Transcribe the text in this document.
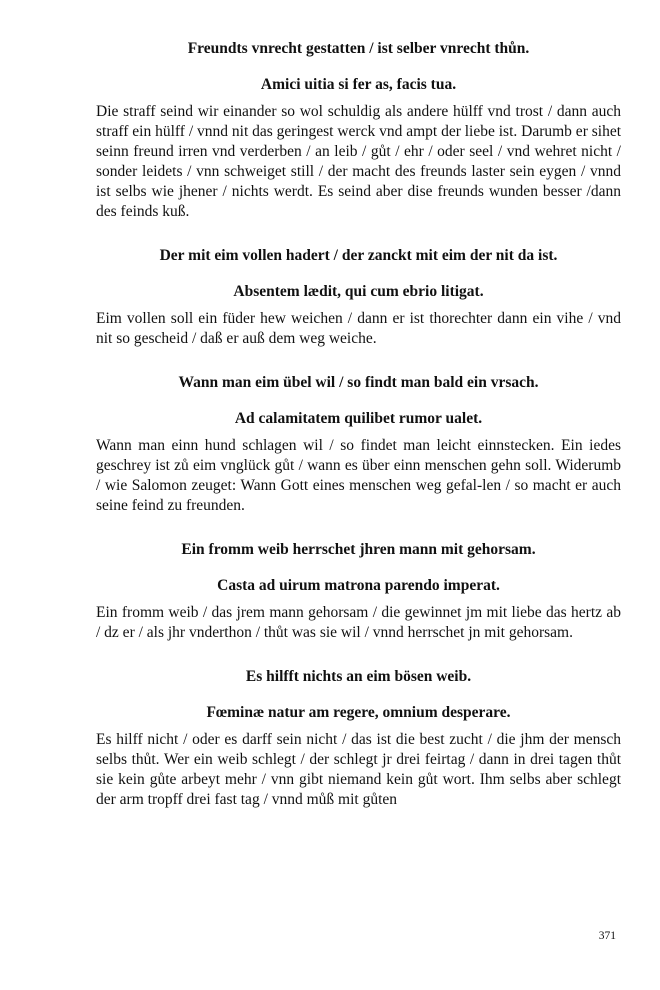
Freundts vnrecht gestatten / ist selber vnrecht thůn.

Amici uitia si fer as, facis tua.

Die straff seind wir einander so wol schuldig als andere hülff vnd trost / dann auch straff ein hülff / vnnd nit das geringest werck vnd ampt der liebe ist. Darumb er sihet seinn freund irren vnd verderben / an leib / gůt / ehr / oder seel / vnd wehret nicht / sonder leidets / vnn schweiget still / der macht des freunds laster sein eygen / vnnd ist selbs wie jhener / nichts werdt. Es seind aber dise freunds wunden besser /dann des feinds kuß.

Der mit eim vollen hadert / der zanckt mit eim der nit da ist.

Absentem lædit, qui cum ebrio litigat.

Eim vollen soll ein füder hew weichen / dann er ist thorechter dann ein vihe / vnd nit so gescheid / daß er auß dem weg weiche.

Wann man eim übel wil / so findt man bald ein vrsach.

Ad calamitatem quilibet rumor ualet.

Wann man einn hund schlagen wil / so findet man leicht einnstecken. Ein iedes geschrey ist zů eim vnglück gůt / wann es über einn menschen gehn soll. Widerumb / wie Salomon zeuget: Wann Gott eines menschen weg gefal-len / so macht er auch seine feind zu freunden.

Ein fromm weib herrschet jhren mann mit gehorsam.

Casta ad uirum matrona parendo imperat.

Ein fromm weib / das jrem mann gehorsam / die gewinnet jm mit liebe das hertz ab / dz er / als jhr vnderthon / thůt was sie wil / vnnd herrschet jn mit gehorsam.

Es hilfft nichts an eim bösen weib.

Fœminæ natur am regere, omnium desperare.

Es hilff nicht / oder es darff sein nicht / das ist die best zucht / die jhm der mensch selbs thůt. Wer ein weib schlegt / der schlegt jr drei feirtag / dann in drei tagen thůt sie kein gůte arbeyt mehr / vnn gibt niemand kein gůt wort. Ihm selbs aber schlegt der arm tropff drei fast tag / vnnd můß mit gůten

371
